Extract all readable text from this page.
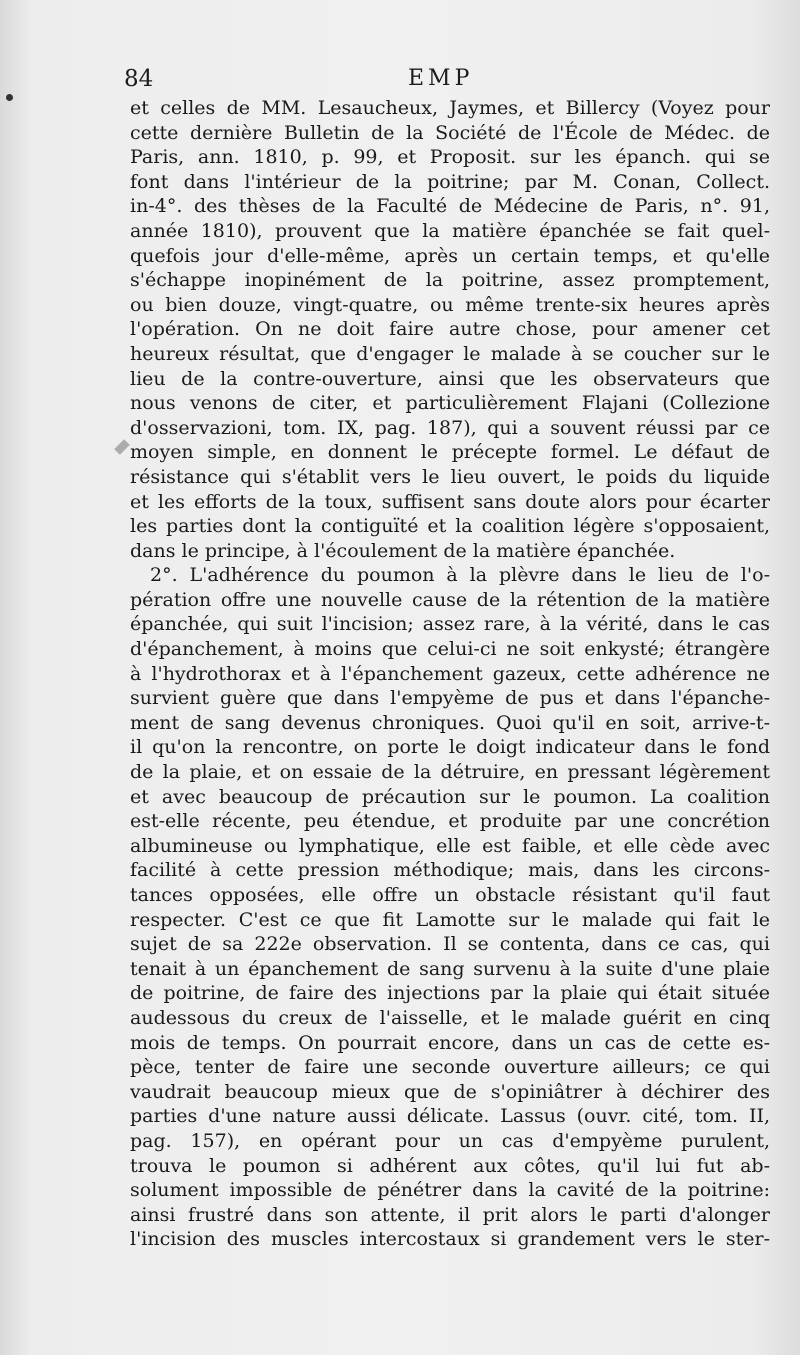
84	EMP
et celles de MM. Lesaucheux, Jaymes, et Billercy (Voyez pour
cette dernière Bulletin de la Société de l'École de Médec. de
Paris, ann. 1810, p. 99, et Proposit. sur les épanch. qui se
font dans l'intérieur de la poitrine; par M. Conan, Collect.
in-4°. des thèses de la Faculté de Médecine de Paris, n°. 91,
année 1810), prouvent que la matière épanchée se fait quel-
quefois jour d'elle-même, après un certain temps, et qu'elle
s'échappe inopinément de la poitrine, assez promptement,
ou bien douze, vingt-quatre, ou même trente-six heures après
l'opération. On ne doit faire autre chose, pour amener cet
heureux résultat, que d'engager le malade à se coucher sur le
lieu de la contre-ouverture, ainsi que les observateurs que
nous venons de citer, et particulièrement Flajani (Collezione
d'osservazioni, tom. IX, pag. 187), qui a souvent réussi par ce
moyen simple, en donnent le précepte formel. Le défaut de
résistance qui s'établit vers le lieu ouvert, le poids du liquide
et les efforts de la toux, suffisent sans doute alors pour écarter
les parties dont la contiguïté et la coalition légère s'opposaient,
dans le principe, à l'écoulement de la matière épanchée.
2°. L'adhérence du poumon à la plèvre dans le lieu de l'o-
pération offre une nouvelle cause de la rétention de la matière
épanchée, qui suit l'incision; assez rare, à la vérité, dans le cas
d'épanchement, à moins que celui-ci ne soit enkysté; étrangère
à l'hydrothorax et à l'épanchement gazeux, cette adhérence ne
survient guère que dans l'empyème de pus et dans l'épanche-
ment de sang devenus chroniques. Quoi qu'il en soit, arrive-t-
il qu'on la rencontre, on porte le doigt indicateur dans le fond
de la plaie, et on essaie de la détruire, en pressant légèrement
et avec beaucoup de précaution sur le poumon. La coalition
est-elle récente, peu étendue, et produite par une concrétion
albumineuse ou lymphatique, elle est faible, et elle cède avec
facilité à cette pression méthodique; mais, dans les circons-
tances opposées, elle offre un obstacle résistant qu'il faut
respecter. C'est ce que fit Lamotte sur le malade qui fait le
sujet de sa 222e observation. Il se contenta, dans ce cas, qui
tenait à un épanchement de sang survenu à la suite d'une plaie
de poitrine, de faire des injections par la plaie qui était située
audessous du creux de l'aisselle, et le malade guérit en cinq
mois de temps. On pourrait encore, dans un cas de cette es-
pèce, tenter de faire une seconde ouverture ailleurs; ce qui
vaudrait beaucoup mieux que de s'opiniâtrer à déchirer des
parties d'une nature aussi délicate. Lassus (ouvr. cité, tom. II,
pag. 157), en opérant pour un cas d'empyème purulent,
trouva le poumon si adhérent aux côtes, qu'il lui fut ab-
solument impossible de pénétrer dans la cavité de la poitrine:
ainsi frustré dans son attente, il prit alors le parti d'alonger
l'incision des muscles intercostaux si grandement vers le ster-
